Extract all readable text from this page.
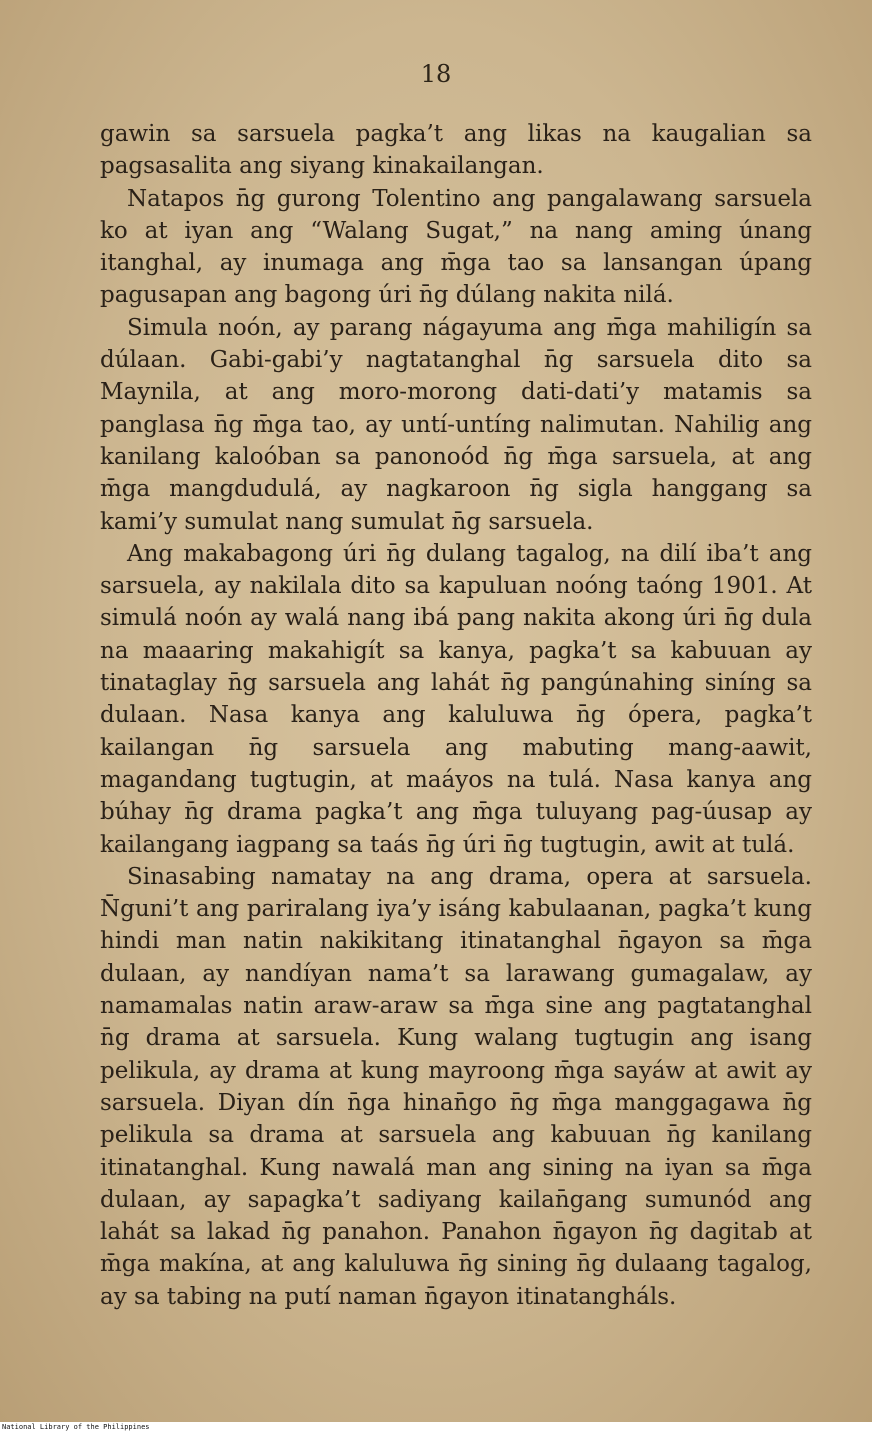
18

gawin sa sarsuela pagka’t ang likas na kaugalian sa pagsasalita ang siyang kinakailangan.

Natapos n̄g gurong Tolentino ang pangalawang sarsuela ko at iyan ang “Walang Sugat,” na nang aming únang itanghal, ay inumaga ang m̄ga tao sa lansangan úpang pagusapan ang bagong úri n̄g dúlang nakita nilá.

Simula noón, ay parang nágayuma ang m̄ga mahiligín sa dúlaan. Gabi-gabi’y nagtatanghal n̄g sarsuela dito sa Maynila, at ang moro-morong dati-dati’y matamis sa panglasa n̄g m̄ga tao, ay untí-untíng nalimutan. Nahilig ang kanilang kaloóban sa panonoód n̄g m̄ga sarsuela, at ang m̄ga mangdudulá, ay nagkaroon n̄g sigla hanggang sa kami’y sumulat nang sumulat n̄g sarsuela.

Ang makabagong úri n̄g dulang tagalog, na dilí iba’t ang sarsuela, ay nakilala dito sa kapuluan noóng taóng 1901. At simulá noón ay walá nang ibá pang nakita akong úri n̄g dula na maaaring makahigít sa kanya, pagka’t sa kabuuan ay tinataglay n̄g sarsuela ang lahát n̄g pangúnahing siníng sa dulaan. Nasa kanya ang kaluluwa n̄g ópera, pagka’t kailangan n̄g sarsuela ang mabuting mang-aawit, magandang tugtugin, at maáyos na tulá. Nasa kanya ang búhay n̄g drama pagka’t ang m̄ga tuluyang pag-úusap ay kailangang iagpang sa taás n̄g úri n̄g tugtugin, awit at tulá.

Sinasabing namatay na ang drama, opera at sarsuela. N̄guni’t ang pariralang iya’y isáng kabulaanan, pagka’t kung hindi man natin nakikitang itinatanghal n̄gayon sa m̄ga dulaan, ay nandíyan nama’t sa larawang gumagalaw, ay namamalas natin araw-araw sa m̄ga sine ang pagtatanghal n̄g drama at sarsuela. Kung walang tugtugin ang isang pelikula, ay drama at kung mayroong m̄ga sayáw at awit ay sarsuela. Diyan dín n̄ga hinan̄go n̄g m̄ga manggagawa n̄g pelikula sa drama at sarsuela ang kabuuan n̄g kanilang itinatanghal. Kung nawalá man ang sining na iyan sa m̄ga dulaan, ay sapagka’t sadiyang kailan̄gang sumunód ang lahát sa lakad n̄g panahon. Panahon n̄gayon n̄g dagitab at m̄ga makína, at ang kaluluwa n̄g sining n̄g dulaang tagalog, ay sa tabing na putí naman n̄gayon itinatangháls.

National Library of the Philippines
